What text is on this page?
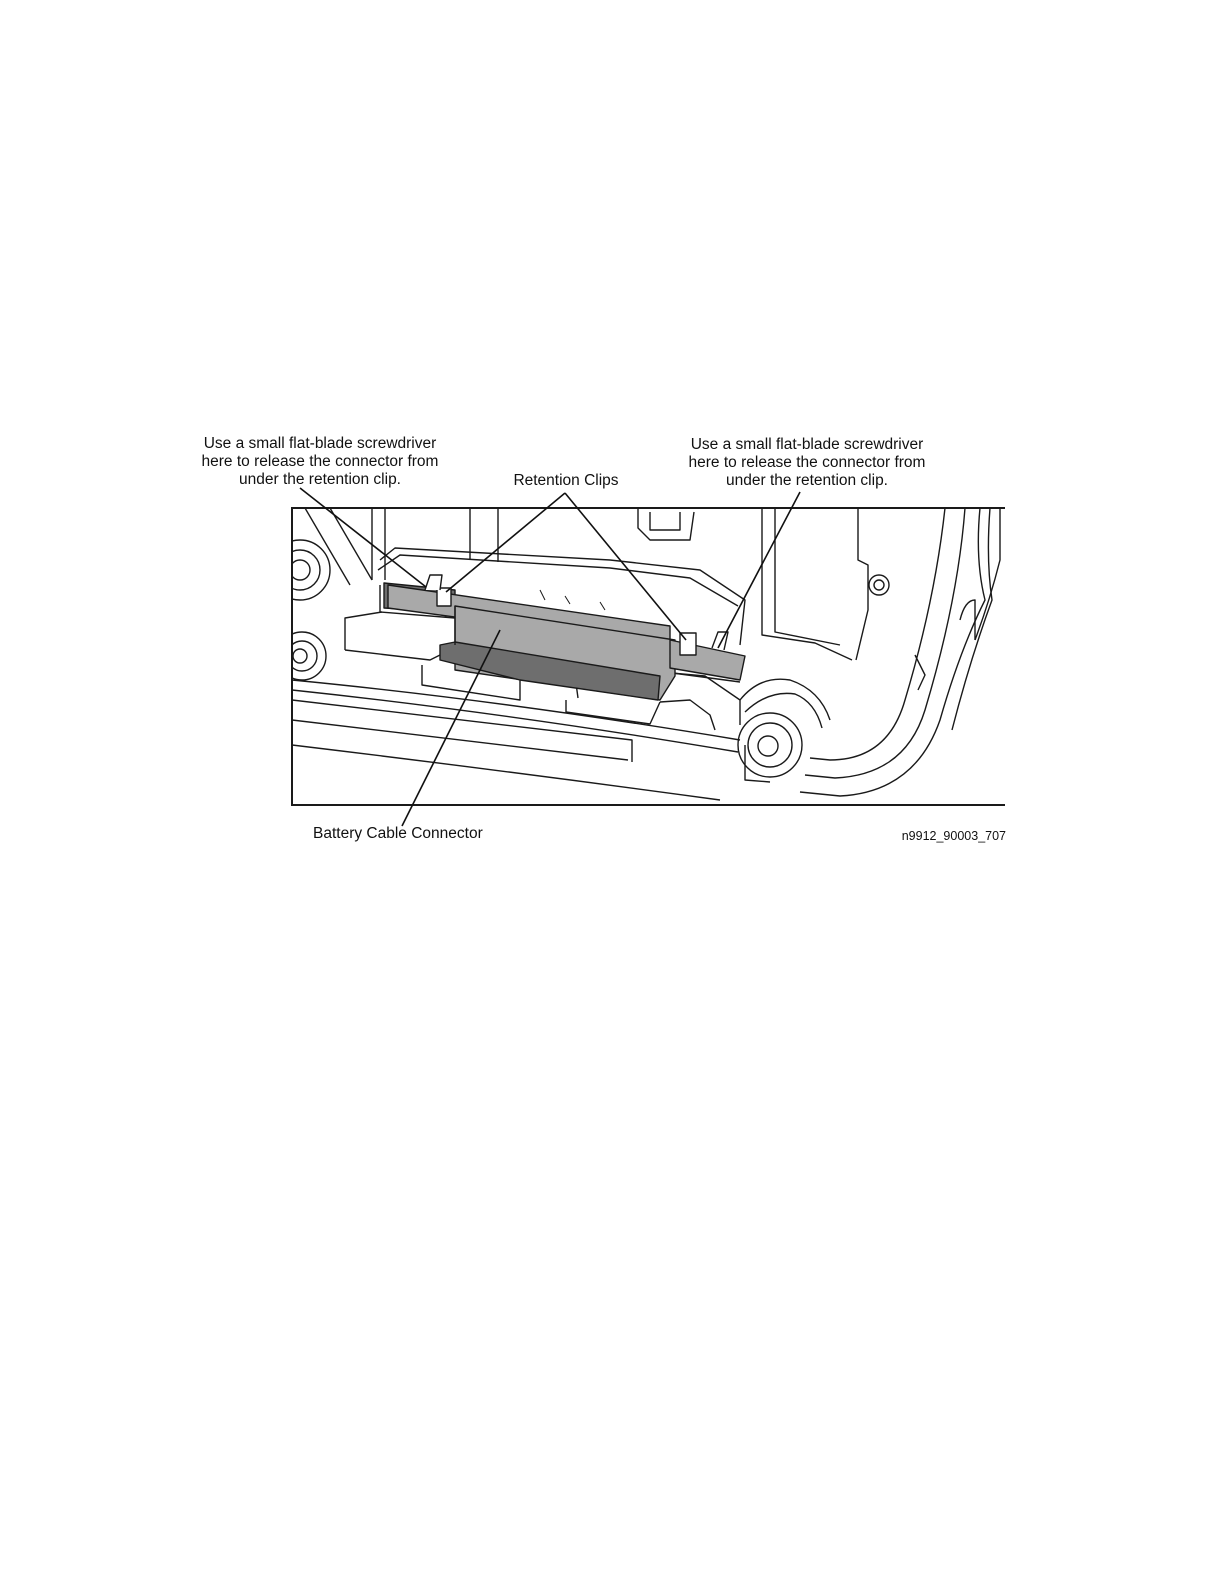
Use a small flat-blade screwdriver
here to release the connector from
under the retention clip.
Use a small flat-blade screwdriver
here to release the connector from
under the retention clip.
Retention Clips
Battery Cable Connector	n9912_90003_707
